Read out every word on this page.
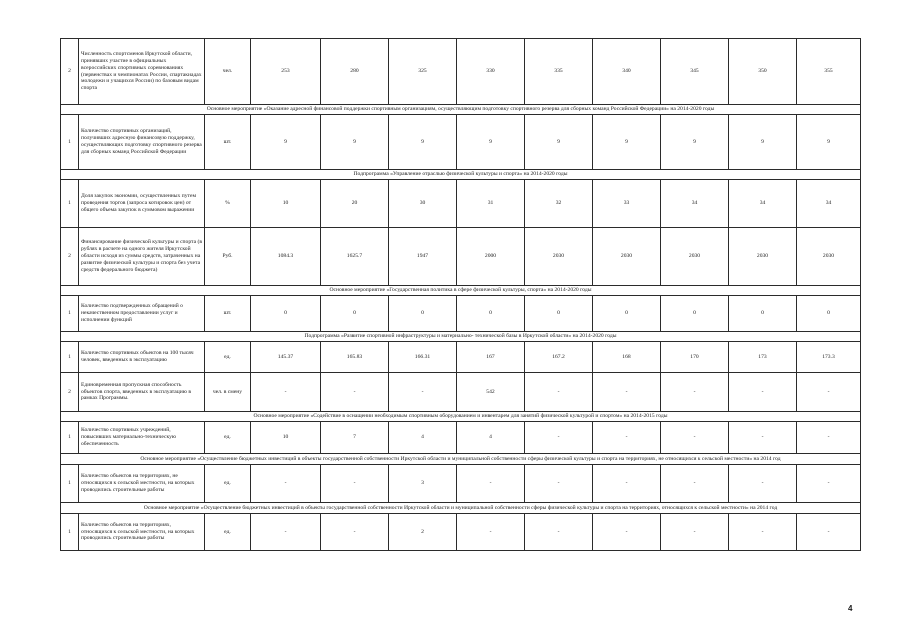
2	Численность спортсменов Иркутской области, принявших участие в официальных всероссийских спортивных соревнованиях (первенствах и чемпионатах России, спартакиадах молодежи и учащихся России) по базовым видам спорта	чел.	253	280	325	330	335	340	345	350	355
Основное мероприятие «Оказание адресной финансовой поддержки спортивным организациям, осуществляющим подготовку спортивного резерва для сборных команд Российской Федерации» на 2014-2020 годы											
1	Количество спортивных организаций, получивших адресную финансовую поддержку, осуществляющих подготовку спортивного резерва для сборных команд Российской Федерации	шт.	9	9	9	9	9	9	9	9	9
Подпрограмма «Управление отраслью физической культуры и спорта» на 2014-2020 годы											
1	Доля закупок экономии, осуществленных путем проведения торгов (запроса котировок цен) от общего объема закупок в суммовом выражении	%	10	20	30	31	32	33	34	34	34
2	Финансирование физической культуры и спорта (в рублях в расчете на одного жителя Иркутской области исходя из суммы средств, затраченных на развитие физической культуры и спорта без учета средств федерального бюджета)	Руб.	1084.3	1625.7	1947	2000	2030	2030	2030	2030	2030
Основное мероприятие «Государственная политика в сфере физической культуры, спорта» на 2014-2020 годы											
1	Количество подтвержденных обращений о некачественном предоставлении услуг и исполнении функций	шт.	0	0	0	0	0	0	0	0	0
Подпрограмма «Развитие спортивной инфраструктуры и материально- технической базы в Иркутской области» на 2014-2020 годы											
1	Количество спортивных объектов на 100 тысяч человек, введенных в эксплуатацию	ед.	145.37	165.83	166.31	167	167.2	168	170	173	173.3
2	Единовременная пропускная способность объектов спорта, введенных в эксплуатацию в рамках Программы.	чел. в смену	-	-	-	542	-	-	-	-	-
Основное мероприятие «Содействие в оснащении необходимым спортивным оборудованием и инвентарем для занятий физической культурой и спортом» на 2014-2015 годы											
1	Количество спортивных учреждений, повысивших материально-техническую обеспеченность	ед.	10	7	4	4	-	-	-	-	-
Основное мероприятие «Осуществление бюджетных инвестиций в объекты государственной собственности Иркутской области и муниципальной собственности сферы физической культуры и спорта на территориях, не относящихся к сельской местности» на 2014 год											
1	Количество объектов на территориях, не относящихся к сельской местности, на которых проводились строительные работы	ед.	-	-	3	-	-	-	-	-	-
Основное мероприятие «Осуществление бюджетных инвестиций в объекты государственной собственности Иркутской области и муниципальной собственности сферы физической культуры и спорта на территориях, относящихся к сельской местности» на 2014 год											
1	Количество объектов на территориях, относящихся к сельской местности, на которых проводились строительные работы	ед.	-	-	2	-	-	-	-	-	-
4
